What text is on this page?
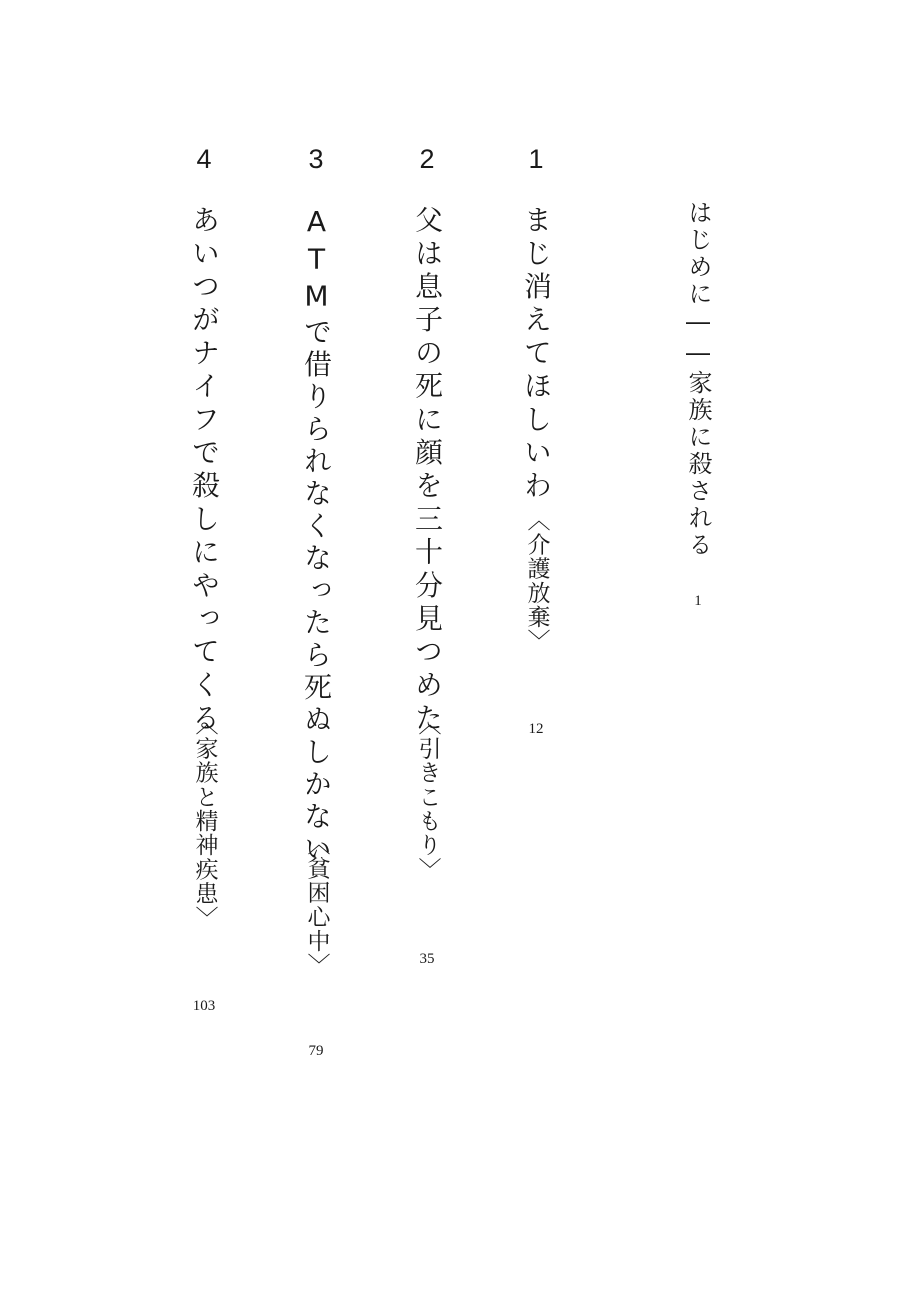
はじめに――家族に殺される
1
1
まじ消えてほしいわ
〈介護放棄〉
12
2
父は息子の死に顔を三十分見つめた
〈引きこもり〉
35
3
ATMで借りられなくなったら死ぬしかない
〈貧困心中〉
79
4
あいつがナイフで殺しにやってくる
〈家族と精神疾患〉
103
